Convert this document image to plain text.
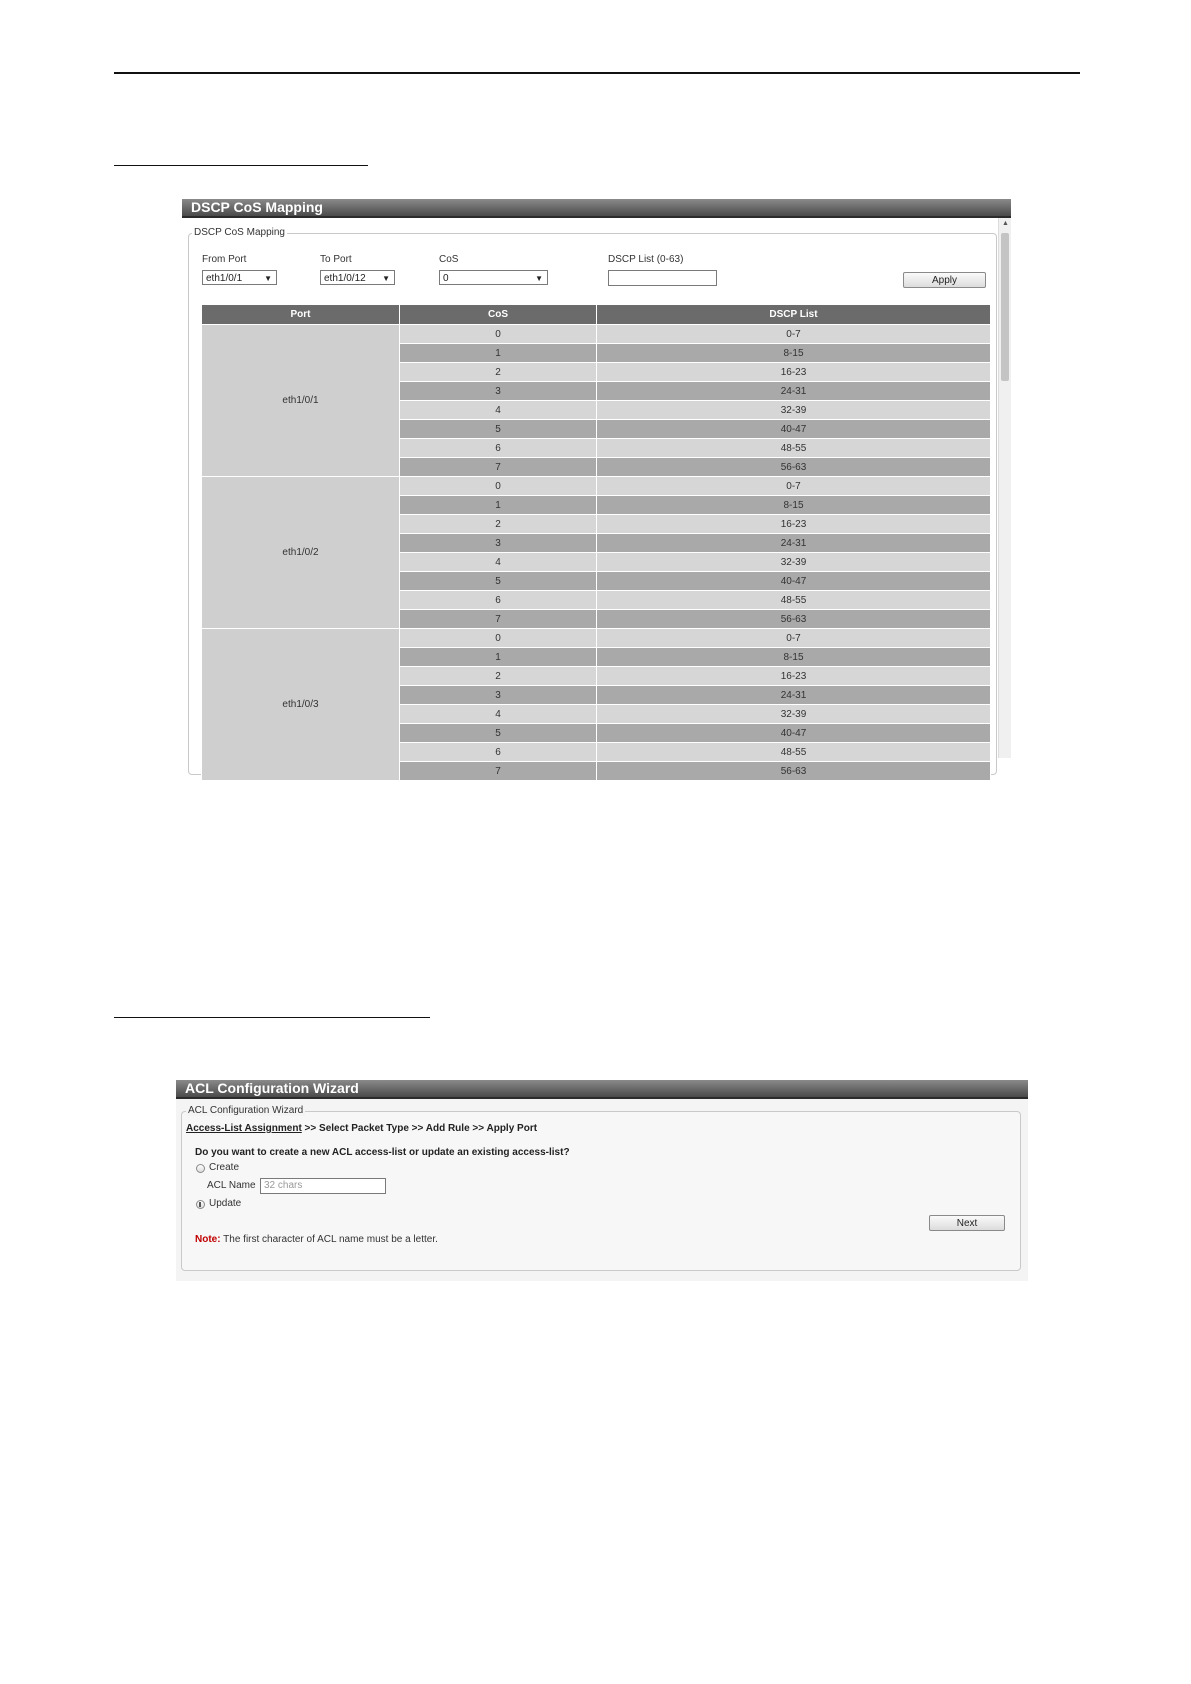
DSCP CoS Mapping
DSCP CoS Mapping
From Port
eth1/0/1	▼
To Port
eth1/0/12 ▼
CoS
0	▼
DSCP List (0-63)
Apply
Port	CoS	DSCP List
eth1/0/1	0	0-7
	1	8-15
	2	16-23
	3	24-31
	4	32-39
	5	40-47
	6	48-55
	7	56-63
eth1/0/2	0	0-7
	1	8-15
	2	16-23
	3	24-31
	4	32-39
	5	40-47
	6	48-55
	7	56-63
eth1/0/3	0	0-7
	1	8-15
	2	16-23
	3	24-31
	4	32-39
	5	40-47
	6	48-55
	7	56-63
▲
ACL Configuration Wizard
ACL Configuration Wizard
Access-List Assignment >> Select Packet Type >> Add Rule >> Apply Port
Do you want to create a new ACL access-list or update an existing access-list?
Create
ACL Name 32 chars
Update
Next
Note: The first character of ACL name must be a letter.
